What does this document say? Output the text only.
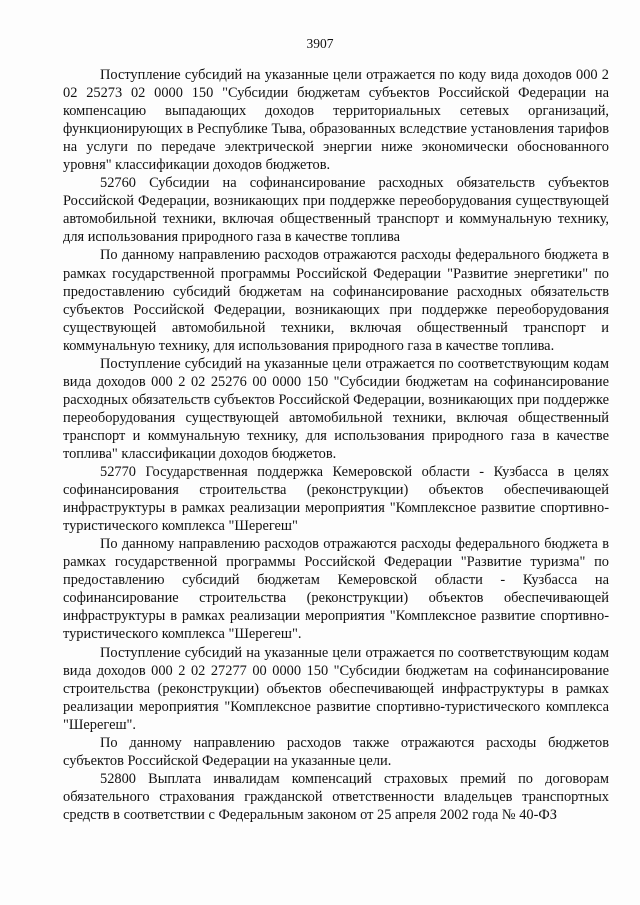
3907

Поступление субсидий на указанные цели отражается по коду вида доходов 000 2 02 25273 02 0000 150 "Субсидии бюджетам субъектов Российской Федерации на компенсацию выпадающих доходов территориальных сетевых организаций, функционирующих в Республике Тыва, образованных вследствие установления тарифов на услуги по передаче электрической энергии ниже экономически обоснованного уровня" классификации доходов бюджетов.

52760 Субсидии на софинансирование расходных обязательств субъектов Российской Федерации, возникающих при поддержке переоборудования существующей автомобильной техники, включая общественный транспорт и коммунальную технику, для использования природного газа в качестве топлива

По данному направлению расходов отражаются расходы федерального бюджета в рамках государственной программы Российской Федерации "Развитие энергетики" по предоставлению субсидий бюджетам на софинансирование расходных обязательств субъектов Российской Федерации, возникающих при поддержке переоборудования существующей автомобильной техники, включая общественный транспорт и коммунальную технику, для использования природного газа в качестве топлива.

Поступление субсидий на указанные цели отражается по соответствующим кодам вида доходов 000 2 02 25276 00 0000 150 "Субсидии бюджетам на софинансирование расходных обязательств субъектов Российской Федерации, возникающих при поддержке переоборудования существующей автомобильной техники, включая общественный транспорт и коммунальную технику, для использования природного газа в качестве топлива" классификации доходов бюджетов.

52770 Государственная поддержка Кемеровской области - Кузбасса в целях софинансирования строительства (реконструкции) объектов обеспечивающей инфраструктуры в рамках реализации мероприятия "Комплексное развитие спортивно-туристического комплекса "Шерегеш"

По данному направлению расходов отражаются расходы федерального бюджета в рамках государственной программы Российской Федерации "Развитие туризма" по предоставлению субсидий бюджетам Кемеровской области - Кузбасса на софинансирование строительства (реконструкции) объектов обеспечивающей инфраструктуры в рамках реализации мероприятия "Комплексное развитие спортивно-туристического комплекса "Шерегеш".

Поступление субсидий на указанные цели отражается по соответствующим кодам вида доходов 000 2 02 27277 00 0000 150 "Субсидии бюджетам на софинансирование строительства (реконструкции) объектов обеспечивающей инфраструктуры в рамках реализации мероприятия "Комплексное развитие спортивно-туристического комплекса "Шерегеш".

По данному направлению расходов также отражаются расходы бюджетов субъектов Российской Федерации на указанные цели.

52800 Выплата инвалидам компенсаций страховых премий по договорам обязательного страхования гражданской ответственности владельцев транспортных средств в соответствии с Федеральным законом от 25 апреля 2002 года № 40-ФЗ
